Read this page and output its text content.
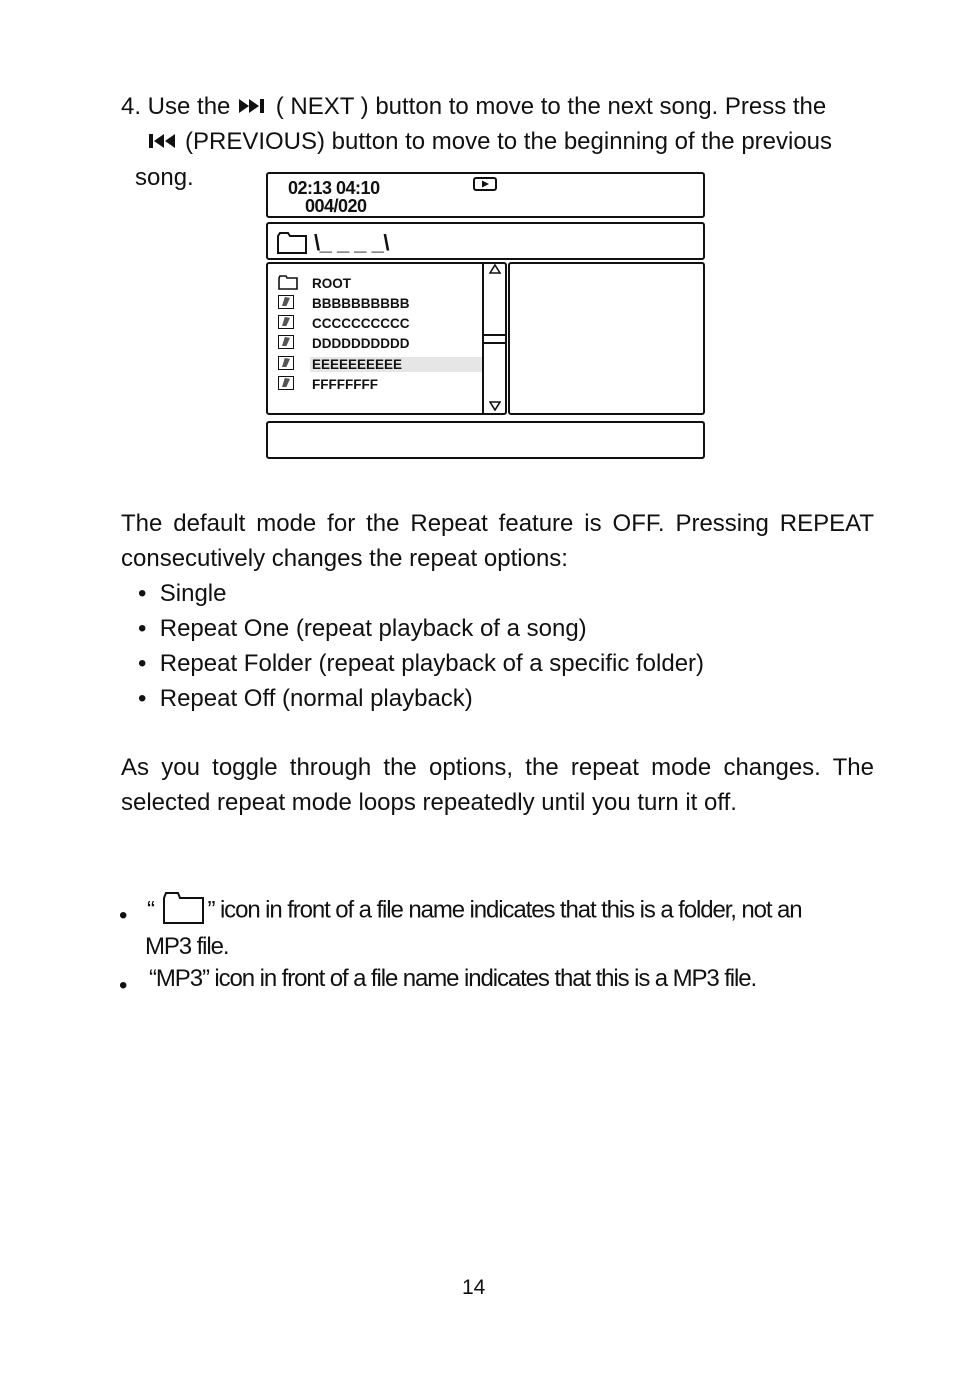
4. Use the ( NEXT ) button to move to the next song. Press the
(PREVIOUS) button to move to the beginning of the previous
song.	02:13 04:10
004/020
\_ _ _ _\
ROOT
BBBBBBBBBB
CCCCCCCCCC
DDDDDDDDDD
EEEEEEEEEE
FFFFFFFF
The default mode for the Repeat feature is OFF. Pressing REPEAT
consecutively changes the repeat options:
•  Single
•  Repeat One (repeat playback of a song)
•  Repeat Folder (repeat playback of a specific folder)
•  Repeat Off (normal playback)
As you toggle through the options, the repeat mode changes. The
selected repeat mode loops repeatedly until you turn it off.
• “ ” icon in front of a file name indicates that this is a folder, not an
MP3 file.
• “MP3” icon in front of a file name indicates that this is a MP3 file.
14
